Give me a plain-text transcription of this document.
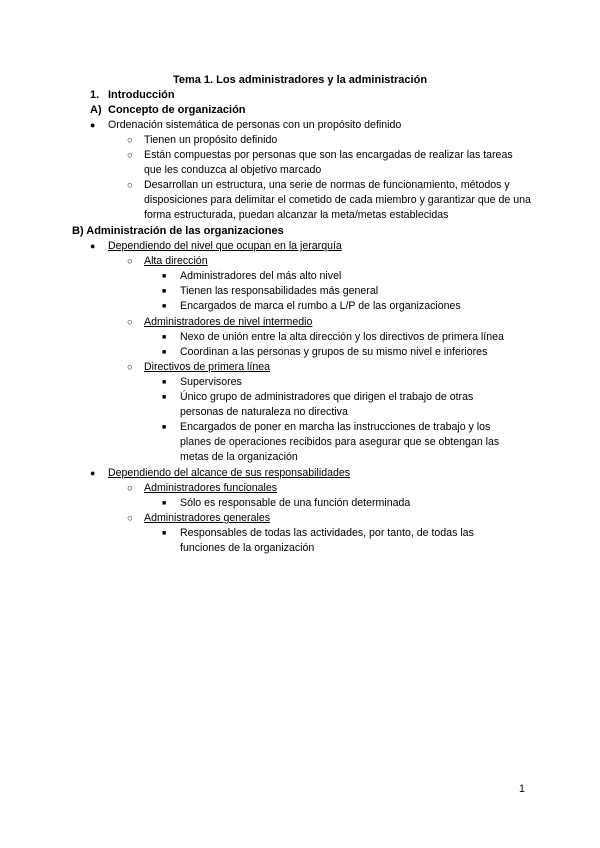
Tema 1. Los administradores y la administración
1. Introducción
A) Concepto de organización
● Ordenación sistemática de personas con un propósito definido
○ Tienen un propósito definido
○ Están compuestas por personas que son las encargadas de realizar las tareas que les conduzca al objetivo marcado
○ Desarrollan un estructura, una serie de normas de funcionamiento, métodos y disposiciones para delimitar el cometido de cada miembro y garantizar que de una forma estructurada, puedan alcanzar la meta/metas establecidas
B) Administración de las organizaciones
● Dependiendo del nivel que ocupan en la jerarquía
○ Alta dirección
■ Administradores del más alto nivel
■ Tienen las responsabilidades más general
■ Encargados de marca el rumbo a L/P de las organizaciones
○ Administradores de nivel intermedio
■ Nexo de unión entre la alta dirección y los directivos de primera línea
■ Coordinan a las personas y grupos de su mismo nivel e inferiores
○ Directivos de primera línea
■ Supervisores
■ Único grupo de administradores que dirigen el trabajo de otras personas de naturaleza no directiva
■ Encargados de poner en marcha las instrucciones de trabajo y los planes de operaciones recibidos para asegurar que se obtengan las metas de la organización
● Dependiendo del alcance de sus responsabilidades
○ Administradores funcionales
■ Sólo es responsable de una función determinada
○ Administradores generales
■ Responsables de todas las actividades, por tanto, de todas las funciones de la organización
1
